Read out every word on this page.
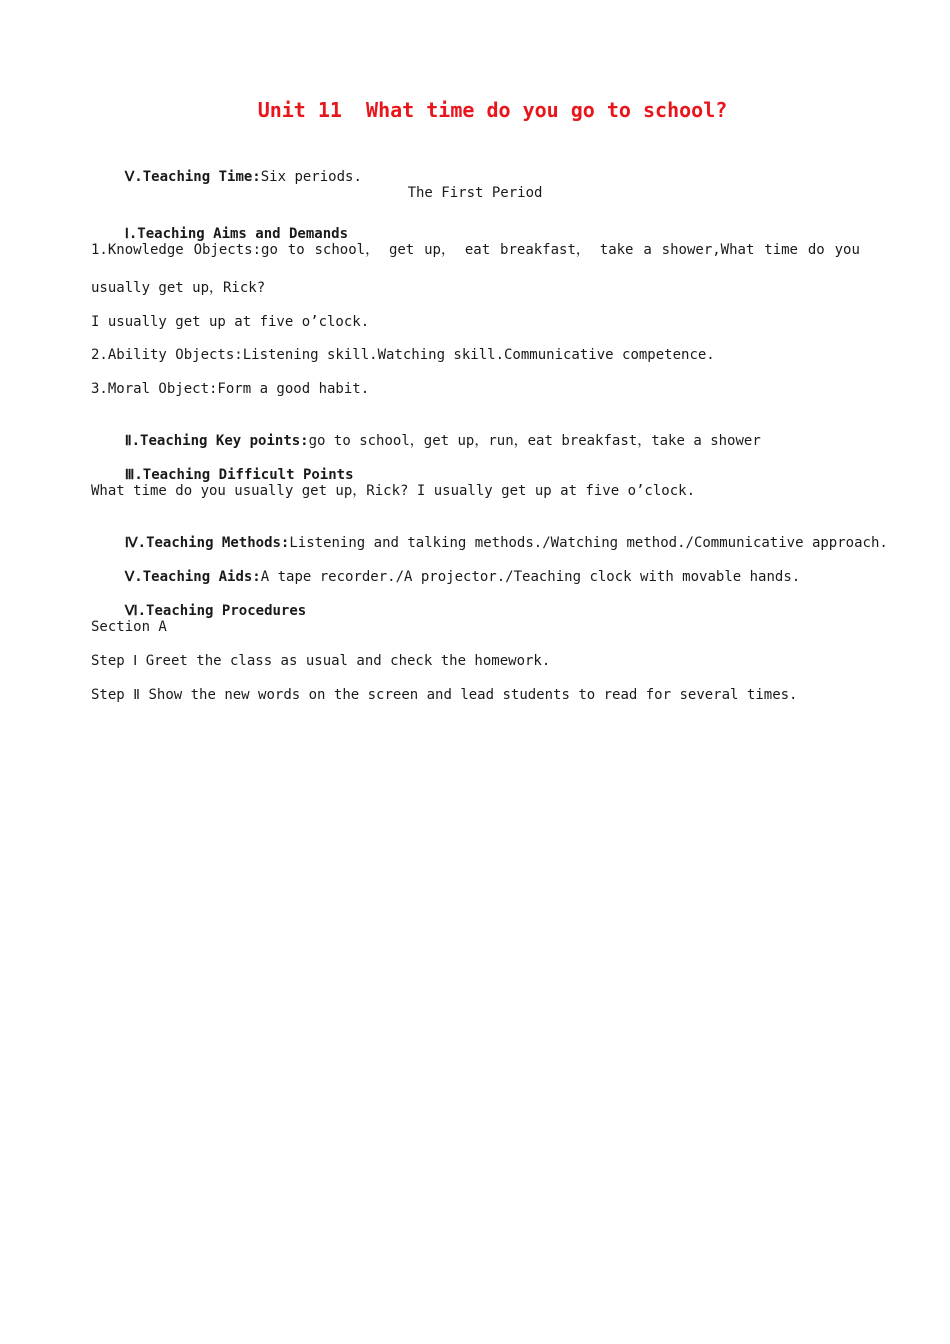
Unit 11  What time do you go to school?

Ⅴ.Teaching Time:Six periods.

The First Period

Ⅰ.Teaching Aims and Demands

1.Knowledge Objects:go to school， get up， eat breakfast， take a shower,What time do you
usually get up，Rick?
I usually get up at five o’clock.
2.Ability Objects:Listening skill.Watching skill.Communicative competence.
3.Moral Object:Form a good habit.

Ⅱ.Teaching Key points:go to school，get up，run，eat breakfast，take a shower

Ⅲ.Teaching Difficult Points

What time do you usually get up，Rick? I usually get up at five o’clock.

Ⅳ.Teaching Methods:Listening and talking methods./Watching method./Communicative approach.

Ⅴ.Teaching Aids:A tape recorder./A projector./Teaching clock with movable hands.

Ⅵ.Teaching Procedures

Section A
Step Ⅰ Greet the class as usual and check the homework.
Step Ⅱ Show the new words on the screen and lead students to read for several times.
